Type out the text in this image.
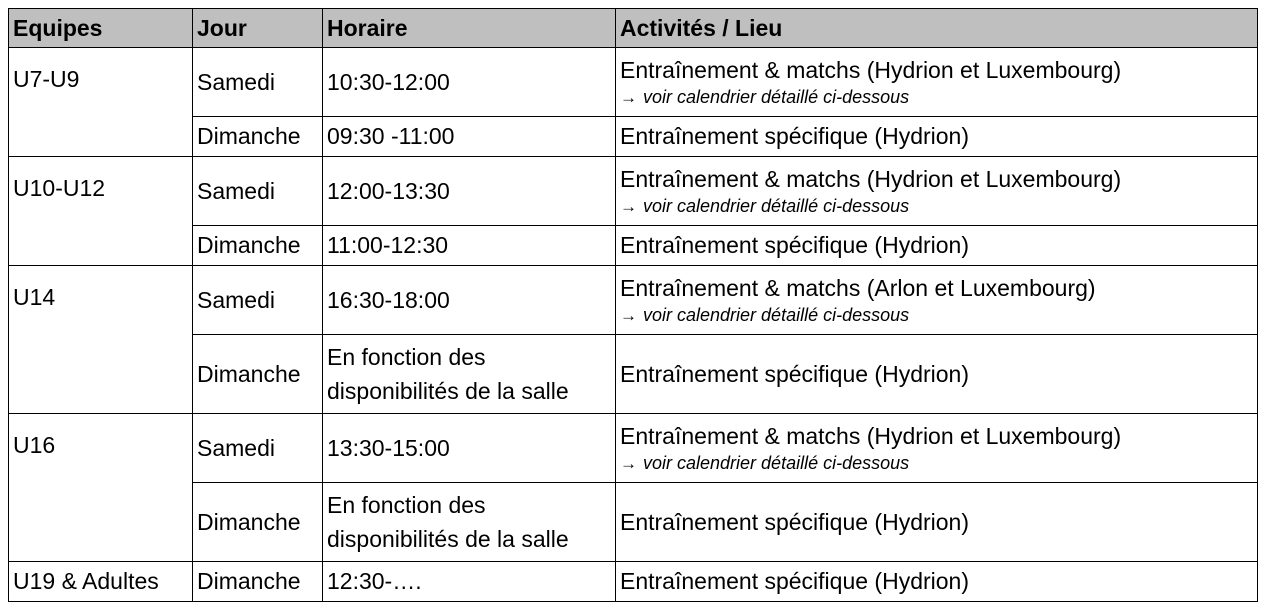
Equipes	Jour	Horaire	Activités / Lieu
U7-U9	Samedi	10:30-12:00	Entraînement & matchs (Hydrion et Luxembourg)
→ voir calendrier détaillé ci-dessous

	Dimanche	09:30 -11:00	Entraînement spécifique (Hydrion)
U10-U12	Samedi	12:00-13:30	Entraînement & matchs (Hydrion et Luxembourg)
→ voir calendrier détaillé ci-dessous

	Dimanche	11:00-12:30	Entraînement spécifique (Hydrion)
U14	Samedi	16:30-18:00	Entraînement & matchs (Arlon et Luxembourg)
→ voir calendrier détaillé ci-dessous

	Dimanche	En fonction des
disponibilités de la salle	Entraînement spécifique (Hydrion)
U16	Samedi	13:30-15:00	Entraînement & matchs (Hydrion et Luxembourg)
→ voir calendrier détaillé ci-dessous

	Dimanche	En fonction des
disponibilités de la salle	Entraînement spécifique (Hydrion)
U19 & Adultes	Dimanche	12:30-….	Entraînement spécifique (Hydrion)
